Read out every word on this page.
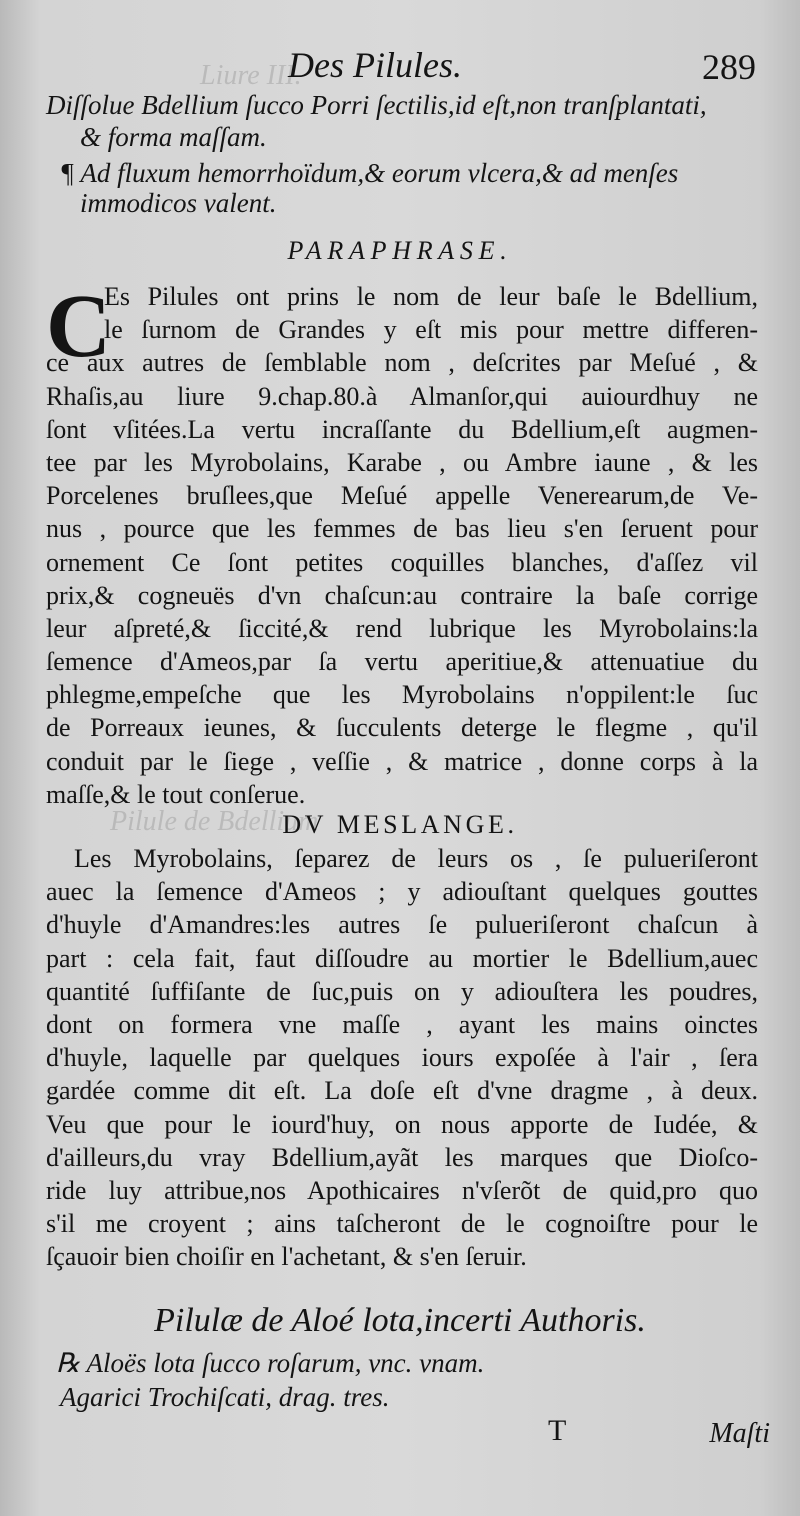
Liure III.
Pilule de Bdellium
Des Pilules.	289
Diſſolue Bdellium ſucco Porri ſectilis,id eſt,non tranſplantati,
& forma maſſam.
¶ Ad fluxum hemorrhoïdum,& eorum vlcera,& ad menſes
immodicos valent.
PARAPHRASE.
C
Es Pilules ont prins le nom de leur baſe le Bdellium,
le ſurnom de Grandes y eſt mis pour mettre differen-
ce aux autres de ſemblable nom , deſcrites par Meſué , &
Rhaſis,au liure 9.chap.80.à Almanſor,qui auiourdhuy ne
ſont vſitées.La vertu incraſſante du Bdellium,eſt augmen-
tee par les Myrobolains, Karabe , ou Ambre iaune , & les
Porcelenes bruſlees,que Meſué appelle Venerearum,de Ve-
nus , pource que les femmes de bas lieu s'en ſeruent pour
ornement Ce ſont petites coquilles blanches, d'aſſez vil
prix,& cogneuës d'vn chaſcun:au contraire la baſe corrige
leur aſpreté,& ſiccité,& rend lubrique les Myrobolains:la
ſemence d'Ameos,par ſa vertu aperitiue,& attenuatiue du
phlegme,empeſche que les Myrobolains n'oppilent:le ſuc
de Porreaux ieunes, & ſucculents deterge le flegme , qu'il
conduit par le ſiege , veſſie , & matrice , donne corps à la
maſſe,& le tout conſerue.
DV MESLANGE.
Les Myrobolains, ſeparez de leurs os , ſe pulueriſeront
auec la ſemence d'Ameos ; y adiouſtant quelques gouttes
d'huyle d'Amandres:les autres ſe pulueriſeront chaſcun à
part : cela fait, faut diſſoudre au mortier le Bdellium,auec
quantité ſuffiſante de ſuc,puis on y adiouſtera les poudres,
dont on formera vne maſſe , ayant les mains oinctes
d'huyle, laquelle par quelques iours expoſée à l'air , ſera
gardée comme dit eſt. La doſe eſt d'vne dragme , à deux.
Veu que pour le iourd'huy, on nous apporte de Iudée, &
d'ailleurs,du vray Bdellium,ayãt les marques que Dioſco-
ride luy attribue,nos Apothicaires n'vſerõt de quid,pro quo
s'il me croyent ; ains taſcheront de le cognoiſtre pour le
ſçauoir bien choiſir en l'achetant, & s'en ſeruir.
Pilulæ de Aloé lota,incerti Authoris.
℞ Aloës lota ſucco roſarum, vnc. vnam.
Agarici Trochiſcati, drag. tres.
T	Maſti
